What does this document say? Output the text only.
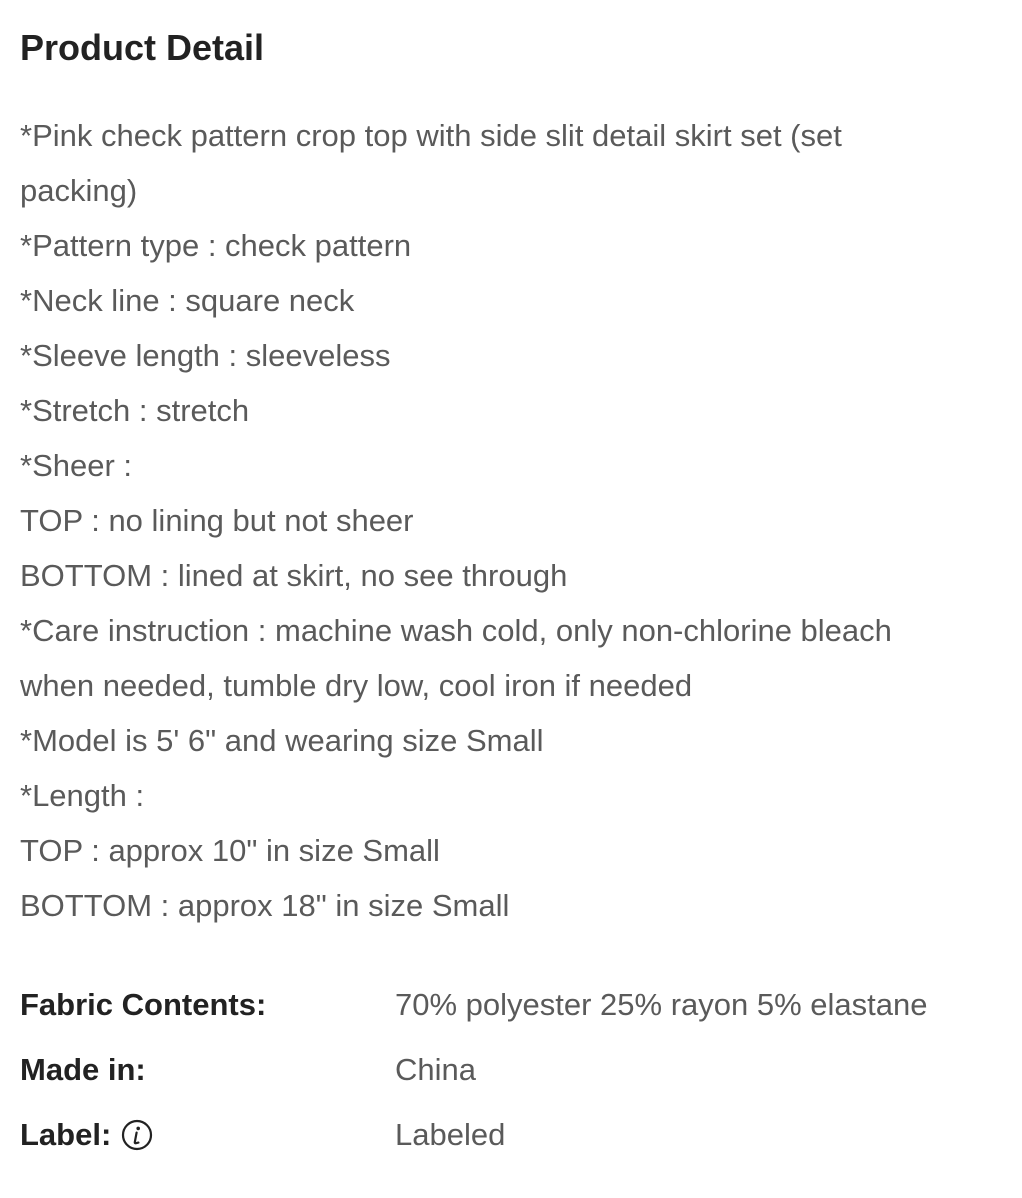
Product Detail
*Pink check pattern crop top with side slit detail skirt set (set
packing)
*Pattern type : check pattern
*Neck line : square neck
*Sleeve length : sleeveless
*Stretch : stretch
*Sheer :
TOP : no lining but not sheer
BOTTOM : lined at skirt, no see through
*Care instruction : machine wash cold, only non-chlorine bleach
when needed, tumble dry low, cool iron if needed
*Model is 5' 6" and wearing size Small
*Length :
TOP : approx 10" in size Small
BOTTOM : approx 18" in size Small
Fabric Contents:	70% polyester 25% rayon 5% elastane
Made in:	China
Label:	Labeled
